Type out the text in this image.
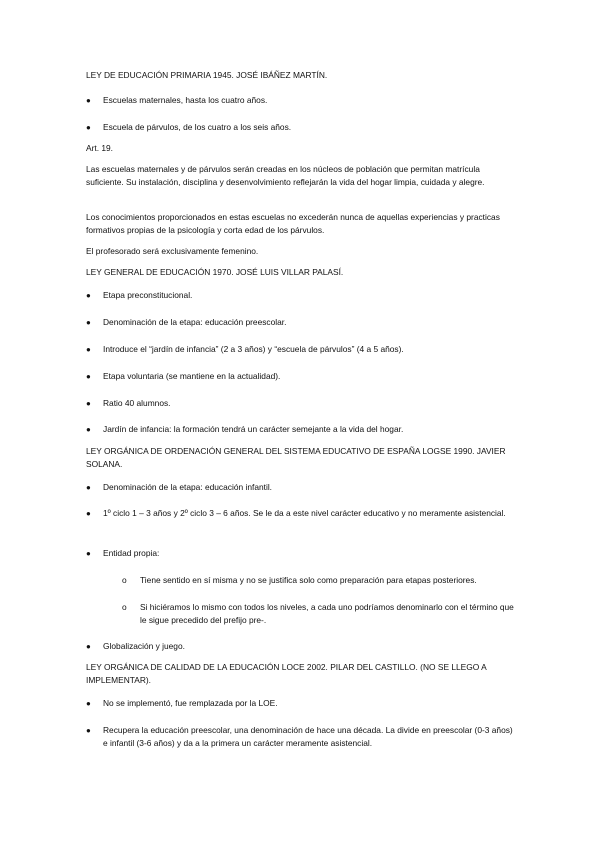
LEY DE EDUCACIÓN PRIMARIA 1945. JOSÉ IBÁÑEZ MARTÍN.

●	Escuelas maternales, hasta los cuatro años.
●	Escuela de párvulos, de los cuatro a los seis años.

Art. 19.

Las escuelas maternales y de párvulos serán creadas en los núcleos de población que permitan matrícula suficiente. Su instalación, disciplina y desenvolvimiento reflejarán la vida del hogar limpia, cuidada y alegre.

Los conocimientos proporcionados en estas escuelas no excederán nunca de aquellas experiencias y practicas formativos propias de la psicología y corta edad de los párvulos.

El profesorado será exclusivamente femenino.

LEY GENERAL DE EDUCACIÓN 1970. JOSÉ LUIS VILLAR PALASÍ.

●	Etapa preconstitucional.
●	Denominación de la etapa: educación preescolar.
●	Introduce el “jardín de infancia” (2 a 3 años) y “escuela de párvulos” (4 a 5 años).
●	Etapa voluntaria (se mantiene en la actualidad).
●	Ratio 40 alumnos.
●	Jardín de infancia: la formación tendrá un carácter semejante a la vida del hogar.

LEY ORGÁNICA DE ORDENACIÓN GENERAL DEL SISTEMA EDUCATIVO DE ESPAÑA LOGSE 1990. JAVIER SOLANA.

●	Denominación de la etapa: educación infantil.
●	1º ciclo 1 – 3 años y 2º ciclo 3 – 6 años. Se le da a este nivel carácter educativo y no meramente asistencial.
●	Entidad propia:
o	Tiene sentido en sí misma y no se justifica solo como preparación para etapas posteriores.
o	Si hiciéramos lo mismo con todos los niveles, a cada uno podríamos denominarlo con el término que le sigue precedido del prefijo pre-.
●	Globalización y juego.

LEY ORGÁNICA DE CALIDAD DE LA EDUCACIÓN LOCE 2002. PILAR DEL CASTILLO. (NO SE LLEGO A IMPLEMENTAR).

●	No se implementó, fue remplazada por la LOE.
●	Recupera la educación preescolar, una denominación de hace una década. La divide en preescolar (0-3 años) e infantil (3-6 años) y da a la primera un carácter meramente asistencial.
